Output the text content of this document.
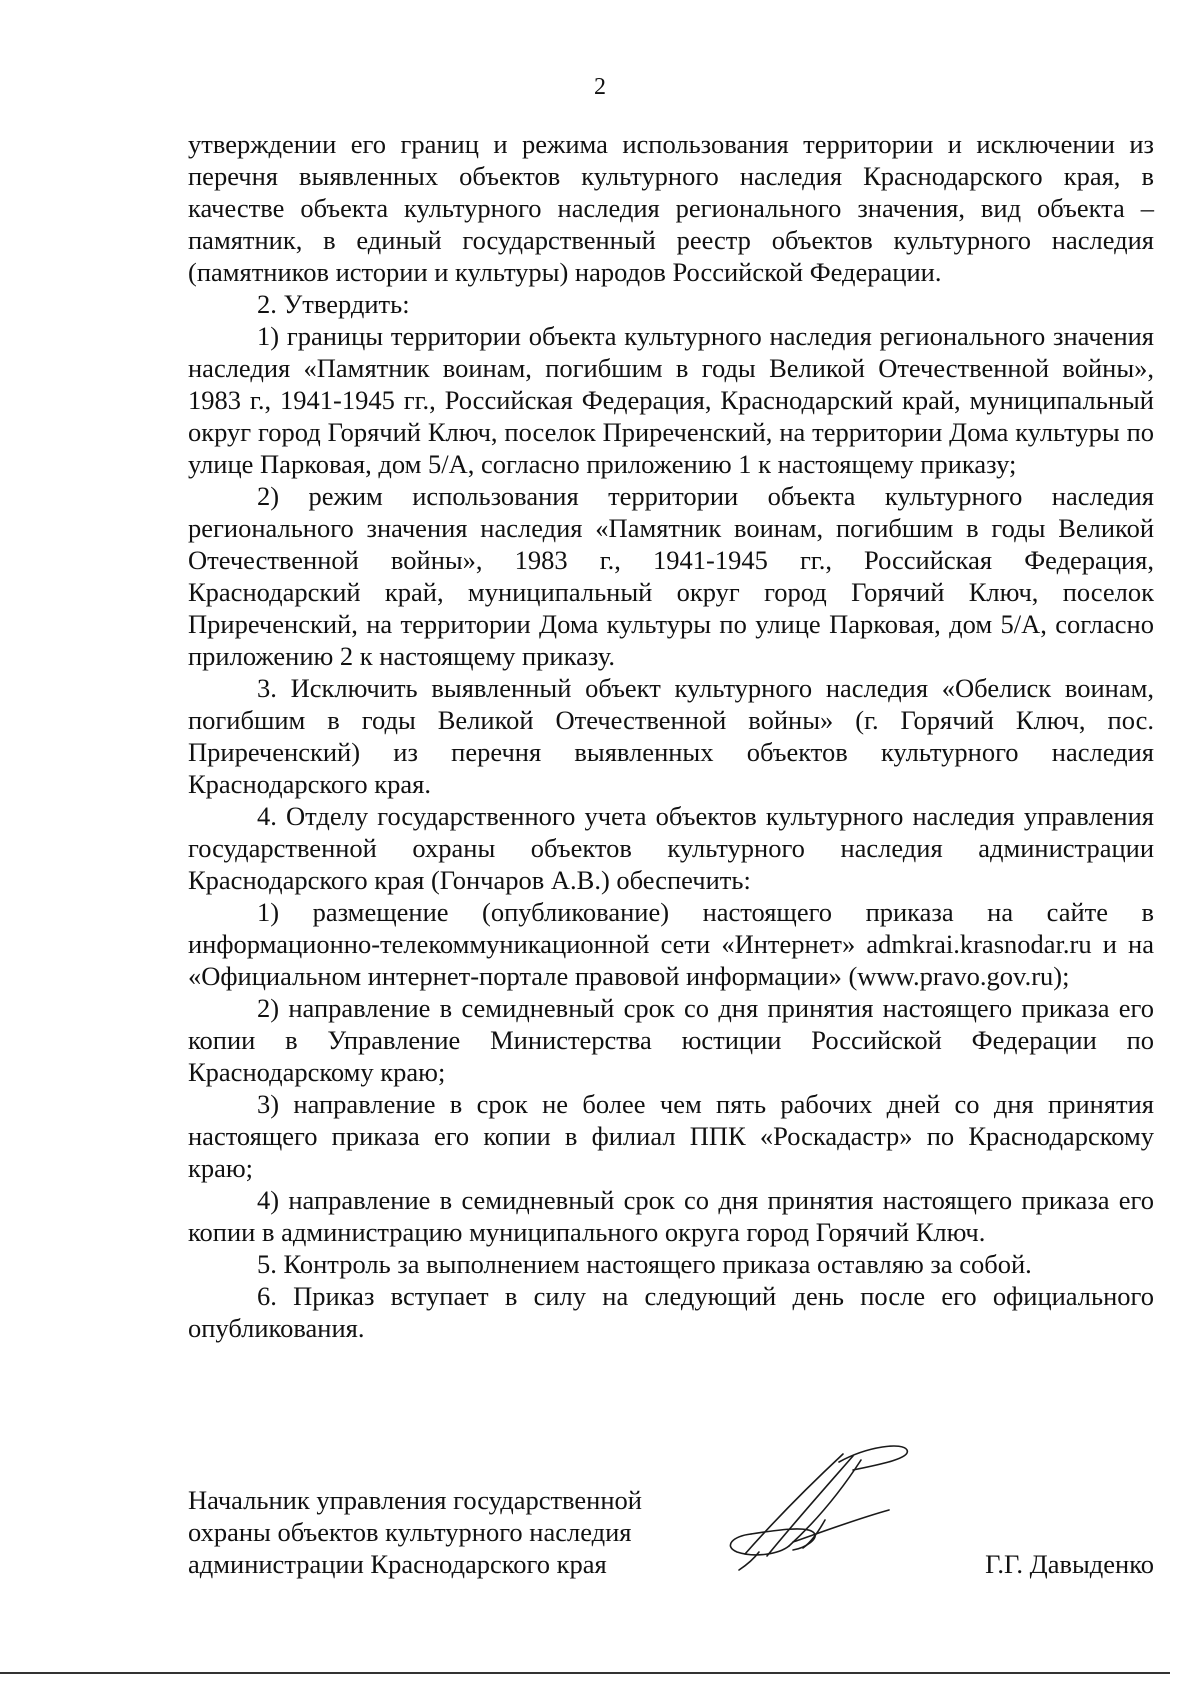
2

утверждении его границ и режима использования территории и исключении из перечня выявленных объектов культурного наследия Краснодарского края, в качестве объекта культурного наследия регионального значения, вид объекта – памятник, в единый государственный реестр объектов культурного наследия (памятников истории и культуры) народов Российской Федерации.

2. Утвердить:

1) границы территории объекта культурного наследия регионального значения наследия «Памятник воинам, погибшим в годы Великой Отечественной войны», 1983 г., 1941-1945 гг., Российская Федерация, Краснодарский край, муниципальный округ город Горячий Ключ, поселок Приреченский, на территории Дома культуры по улице Парковая, дом 5/А, согласно приложению 1 к настоящему приказу;

2) режим использования территории объекта культурного наследия регионального значения наследия «Памятник воинам, погибшим в годы Великой Отечественной войны», 1983 г., 1941-1945 гг., Российская Федерация, Краснодарский край, муниципальный округ город Горячий Ключ, поселок Приреченский, на территории Дома культуры по улице Парковая, дом 5/А, согласно приложению 2 к настоящему приказу.

3. Исключить выявленный объект культурного наследия «Обелиск воинам, погибшим в годы Великой Отечественной войны» (г. Горячий Ключ, пос. Приреченский) из перечня выявленных объектов культурного наследия Краснодарского края.

4. Отделу государственного учета объектов культурного наследия управления государственной охраны объектов культурного наследия администрации Краснодарского края (Гончаров А.В.) обеспечить:

1) размещение (опубликование) настоящего приказа на сайте в информационно-телекоммуникационной сети «Интернет» admkrai.krasnodar.ru и на «Официальном интернет-портале правовой информации» (www.pravo.gov.ru);

2) направление в семидневный срок со дня принятия настоящего приказа его копии в Управление Министерства юстиции Российской Федерации по Краснодарскому краю;

3) направление в срок не более чем пять рабочих дней со дня принятия настоящего приказа его копии в филиал ППК «Роскадастр» по Краснодарскому краю;

4) направление в семидневный срок со дня принятия настоящего приказа его копии в администрацию муниципального округа город Горячий Ключ.

5. Контроль за выполнением настоящего приказа оставляю за собой.

6. Приказ вступает в силу на следующий день после его официального опубликования.

Начальник управления государственной
охраны объектов культурного наследия
администрации Краснодарского края	Г.Г. Давыденко
